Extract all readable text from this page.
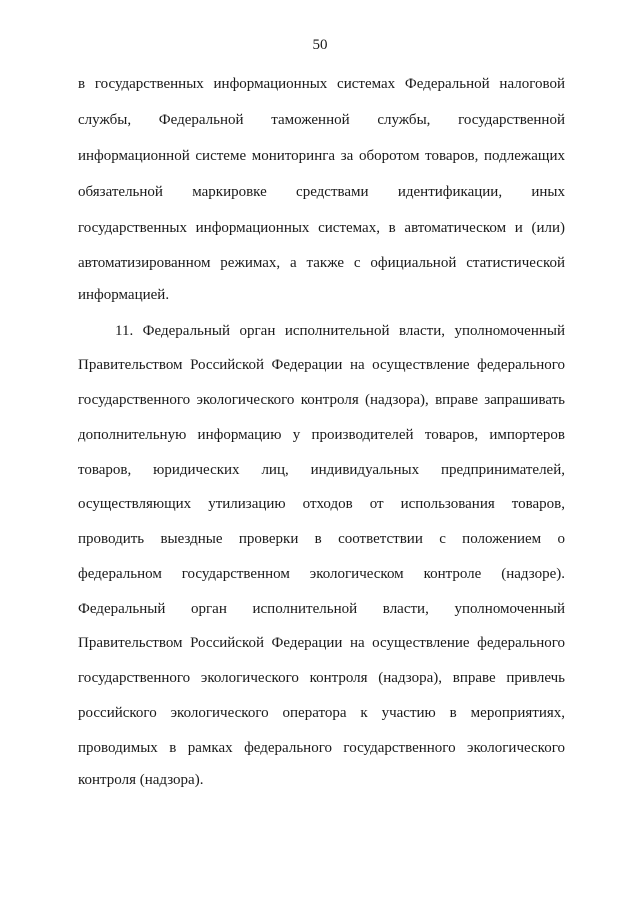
50
в государственных информационных системах Федеральной налоговой
службы, Федеральной таможенной службы, государственной
информационной системе мониторинга за оборотом товаров, подлежащих
обязательной маркировке средствами идентификации, иных
государственных информационных системах, в автоматическом и (или)
автоматизированном режимах, а также с официальной статистической
информацией.
11. Федеральный орган исполнительной власти, уполномоченный
Правительством Российской Федерации на осуществление федерального
государственного экологического контроля (надзора), вправе запрашивать
дополнительную информацию у производителей товаров, импортеров
товаров, юридических лиц, индивидуальных предпринимателей,
осуществляющих утилизацию отходов от использования товаров,
проводить выездные проверки в соответствии с положением о
федеральном государственном экологическом контроле (надзоре).
Федеральный орган исполнительной власти, уполномоченный
Правительством Российской Федерации на осуществление федерального
государственного экологического контроля (надзора), вправе привлечь
российского экологического оператора к участию в мероприятиях,
проводимых в рамках федерального государственного экологического
контроля (надзора).
